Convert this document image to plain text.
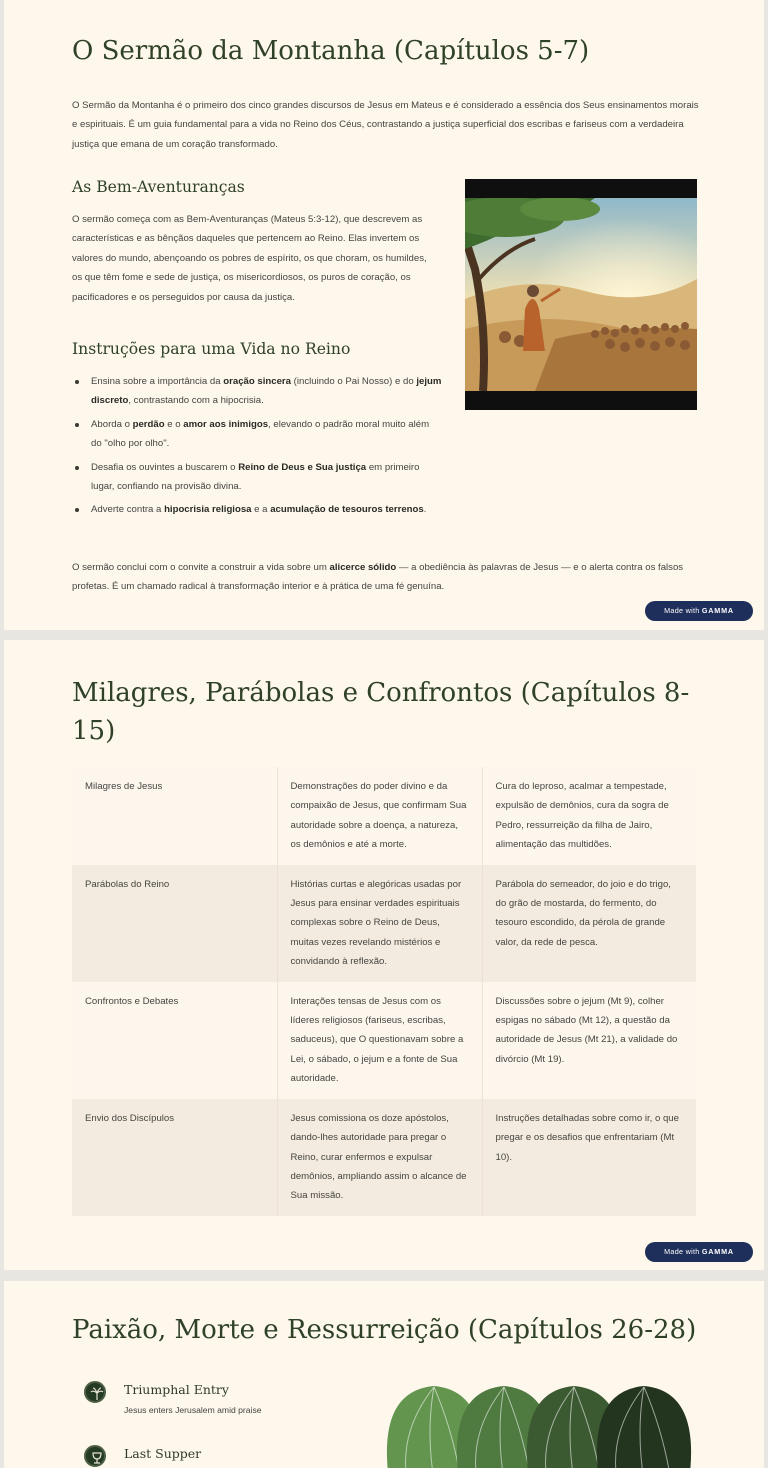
O Sermão da Montanha (Capítulos 5-7)

O Sermão da Montanha é o primeiro dos cinco grandes discursos de Jesus em Mateus e é considerado a essência dos Seus ensinamentos morais e espirituais. É um guia fundamental para a vida no Reino dos Céus, contrastando a justiça superficial dos escribas e fariseus com a verdadeira justiça que emana de um coração transformado.

As Bem-Aventuranças

O sermão começa com as Bem-Aventuranças (Mateus 5:3-12), que descrevem as características e as bênçãos daqueles que pertencem ao Reino. Elas invertem os valores do mundo, abençoando os pobres de espírito, os que choram, os humildes, os que têm fome e sede de justiça, os misericordiosos, os puros de coração, os pacificadores e os perseguidos por causa da justiça.

Instruções para uma Vida no Reino
Ensina sobre a importância da oração sincera (incluindo o Pai Nosso) e do jejum discreto, contrastando com a hipocrisia.
Aborda o perdão e o amor aos inimigos, elevando o padrão moral muito além do "olho por olho".
Desafia os ouvintes a buscarem o Reino de Deus e Sua justiça em primeiro lugar, confiando na provisão divina.
Adverte contra a hipocrisia religiosa e a acumulação de tesouros terrenos.

O sermão conclui com o convite a construir a vida sobre um alicerce sólido — a obediência às palavras de Jesus — e o alerta contra os falsos profetas. É um chamado radical à transformação interior e à prática de uma fé genuína.

Made with GAMMA
Milagres, Parábolas e Confrontos (Capítulos 8-15)
Milagres de Jesus	Demonstrações do poder divino e da compaixão de Jesus, que confirmam Sua autoridade sobre a doença, a natureza, os demônios e até a morte.	Cura do leproso, acalmar a tempestade, expulsão de demônios, cura da sogra de Pedro, ressurreição da filha de Jairo, alimentação das multidões.
Parábolas do Reino	Histórias curtas e alegóricas usadas por Jesus para ensinar verdades espirituais complexas sobre o Reino de Deus, muitas vezes revelando mistérios e convidando à reflexão.	Parábola do semeador, do joio e do trigo, do grão de mostarda, do fermento, do tesouro escondido, da pérola de grande valor, da rede de pesca.
Confrontos e Debates	Interações tensas de Jesus com os líderes religiosos (fariseus, escribas, saduceus), que O questionavam sobre a Lei, o sábado, o jejum e a fonte de Sua autoridade.	Discussões sobre o jejum (Mt 9), colher espigas no sábado (Mt 12), a questão da autoridade de Jesus (Mt 21), a validade do divórcio (Mt 19).
Envio dos Discípulos	Jesus comissiona os doze apóstolos, dando-lhes autoridade para pregar o Reino, curar enfermos e expulsar demônios, ampliando assim o alcance de Sua missão.	Instruções detalhadas sobre como ir, o que pregar e os desafios que enfrentariam (Mt 10).
Made with GAMMA
Paixão, Morte e Ressurreição (Capítulos 26-28)
Triumphal Entry
Jesus enters Jerusalem amid praise
Last Supper
